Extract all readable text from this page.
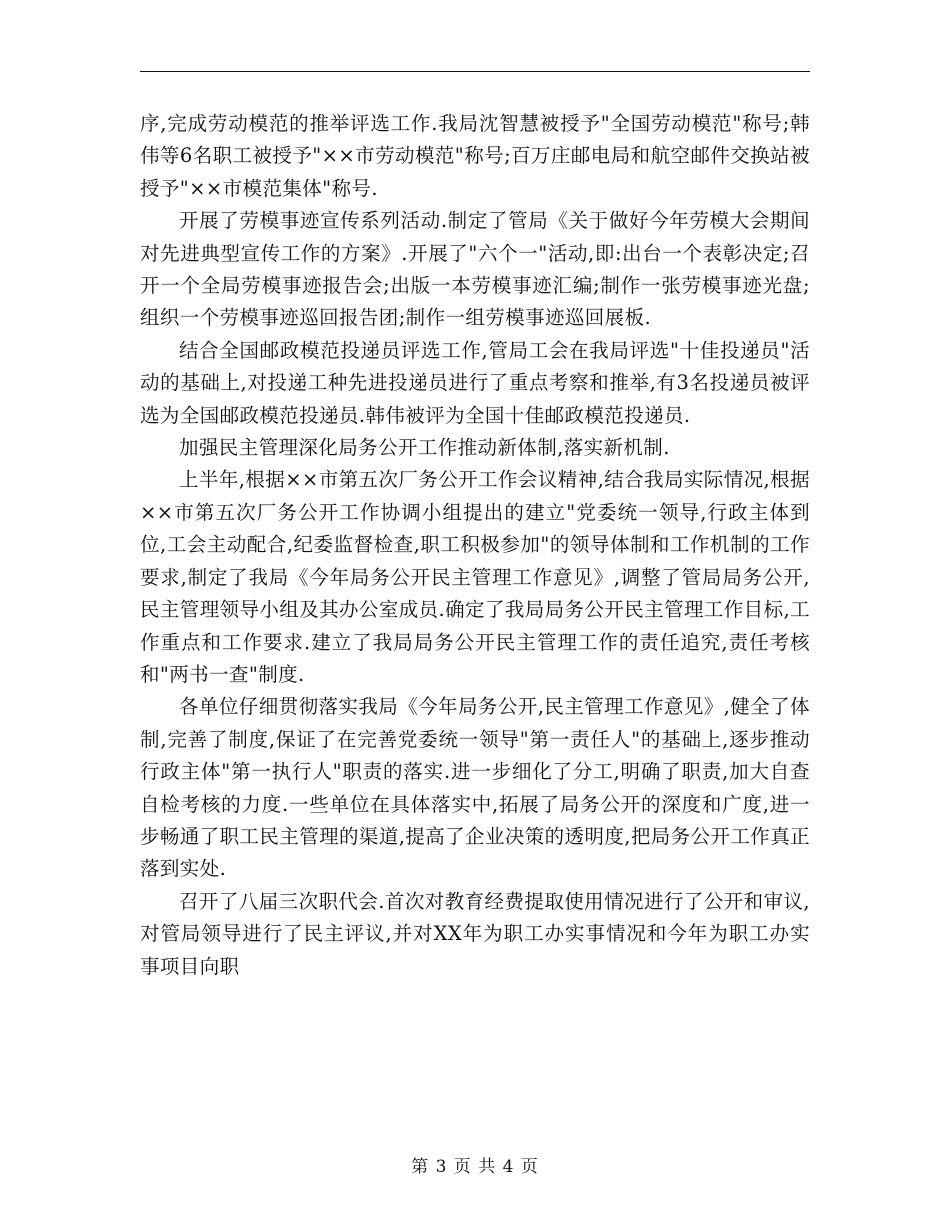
序,完成劳动模范的推举评选工作.我局沈智慧被授予"全国劳动模范"称号;韩伟等6名职工被授予"××市劳动模范"称号;百万庄邮电局和航空邮件交换站被授予"××市模范集体"称号.

开展了劳模事迹宣传系列活动.制定了管局《关于做好今年劳模大会期间对先进典型宣传工作的方案》.开展了"六个一"活动,即:出台一个表彰决定;召开一个全局劳模事迹报告会;出版一本劳模事迹汇编;制作一张劳模事迹光盘;组织一个劳模事迹巡回报告团;制作一组劳模事迹巡回展板.

结合全国邮政模范投递员评选工作,管局工会在我局评选"十佳投递员"活动的基础上,对投递工种先进投递员进行了重点考察和推举,有3名投递员被评选为全国邮政模范投递员.韩伟被评为全国十佳邮政模范投递员.

加强民主管理深化局务公开工作推动新体制,落实新机制.

上半年,根据××市第五次厂务公开工作会议精神,结合我局实际情况,根据××市第五次厂务公开工作协调小组提出的建立"党委统一领导,行政主体到位,工会主动配合,纪委监督检查,职工积极参加"的领导体制和工作机制的工作要求,制定了我局《今年局务公开民主管理工作意见》,调整了管局局务公开,民主管理领导小组及其办公室成员.确定了我局局务公开民主管理工作目标,工作重点和工作要求.建立了我局局务公开民主管理工作的责任追究,责任考核和"两书一查"制度.

各单位仔细贯彻落实我局《今年局务公开,民主管理工作意见》,健全了体制,完善了制度,保证了在完善党委统一领导"第一责任人"的基础上,逐步推动行政主体"第一执行人"职责的落实.进一步细化了分工,明确了职责,加大自查自检考核的力度.一些单位在具体落实中,拓展了局务公开的深度和广度,进一步畅通了职工民主管理的渠道,提高了企业决策的透明度,把局务公开工作真正落到实处.

召开了八届三次职代会.首次对教育经费提取使用情况进行了公开和审议,对管局领导进行了民主评议,并对XX年为职工办实事情况和今年为职工办实事项目向职

第 3 页 共 4 页
